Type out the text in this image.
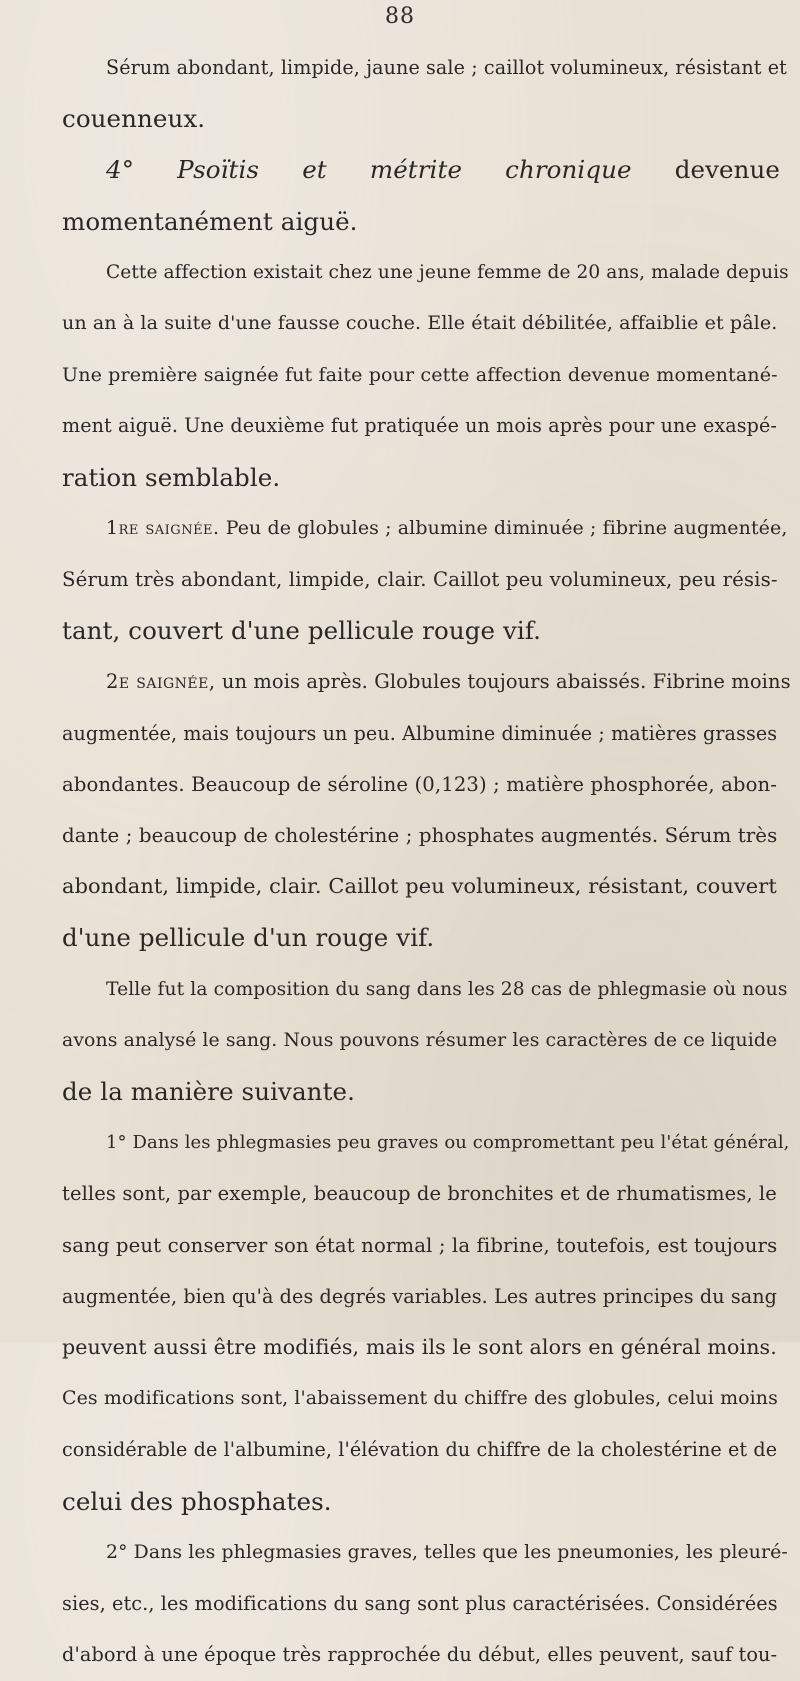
88

Sérum abondant, limpide, jaune sale ; caillot volumineux, résistant et
couenneux.

4° Psoïtis et métrite chronique devenue momentanément aiguë.

Cette affection existait chez une jeune femme de 20 ans, malade depuis
un an à la suite d'une fausse couche. Elle était débilitée, affaiblie et pâle.
Une première saignée fut faite pour cette affection devenue momentané-
ment aiguë. Une deuxième fut pratiquée un mois après pour une exaspé-
ration semblable.

1re saignée. Peu de globules ; albumine diminuée ; fibrine augmentée,
Sérum très abondant, limpide, clair. Caillot peu volumineux, peu résis-
tant, couvert d'une pellicule rouge vif.

2e saignée, un mois après. Globules toujours abaissés. Fibrine moins
augmentée, mais toujours un peu. Albumine diminuée ; matières grasses
abondantes. Beaucoup de séroline (0,123) ; matière phosphorée, abon-
dante ; beaucoup de cholestérine ; phosphates augmentés. Sérum très
abondant, limpide, clair. Caillot peu volumineux, résistant, couvert
d'une pellicule d'un rouge vif.

Telle fut la composition du sang dans les 28 cas de phlegmasie où nous
avons analysé le sang. Nous pouvons résumer les caractères de ce liquide
de la manière suivante.

1° Dans les phlegmasies peu graves ou compromettant peu l'état général,
telles sont, par exemple, beaucoup de bronchites et de rhumatismes, le
sang peut conserver son état normal ; la fibrine, toutefois, est toujours
augmentée, bien qu'à des degrés variables. Les autres principes du sang
peuvent aussi être modifiés, mais ils le sont alors en général moins.
Ces modifications sont, l'abaissement du chiffre des globules, celui moins
considérable de l'albumine, l'élévation du chiffre de la cholestérine et de
celui des phosphates.

2° Dans les phlegmasies graves, telles que les pneumonies, les pleuré-
sies, etc., les modifications du sang sont plus caractérisées. Considérées
d'abord à une époque très rapprochée du début, elles peuvent, sauf tou-
